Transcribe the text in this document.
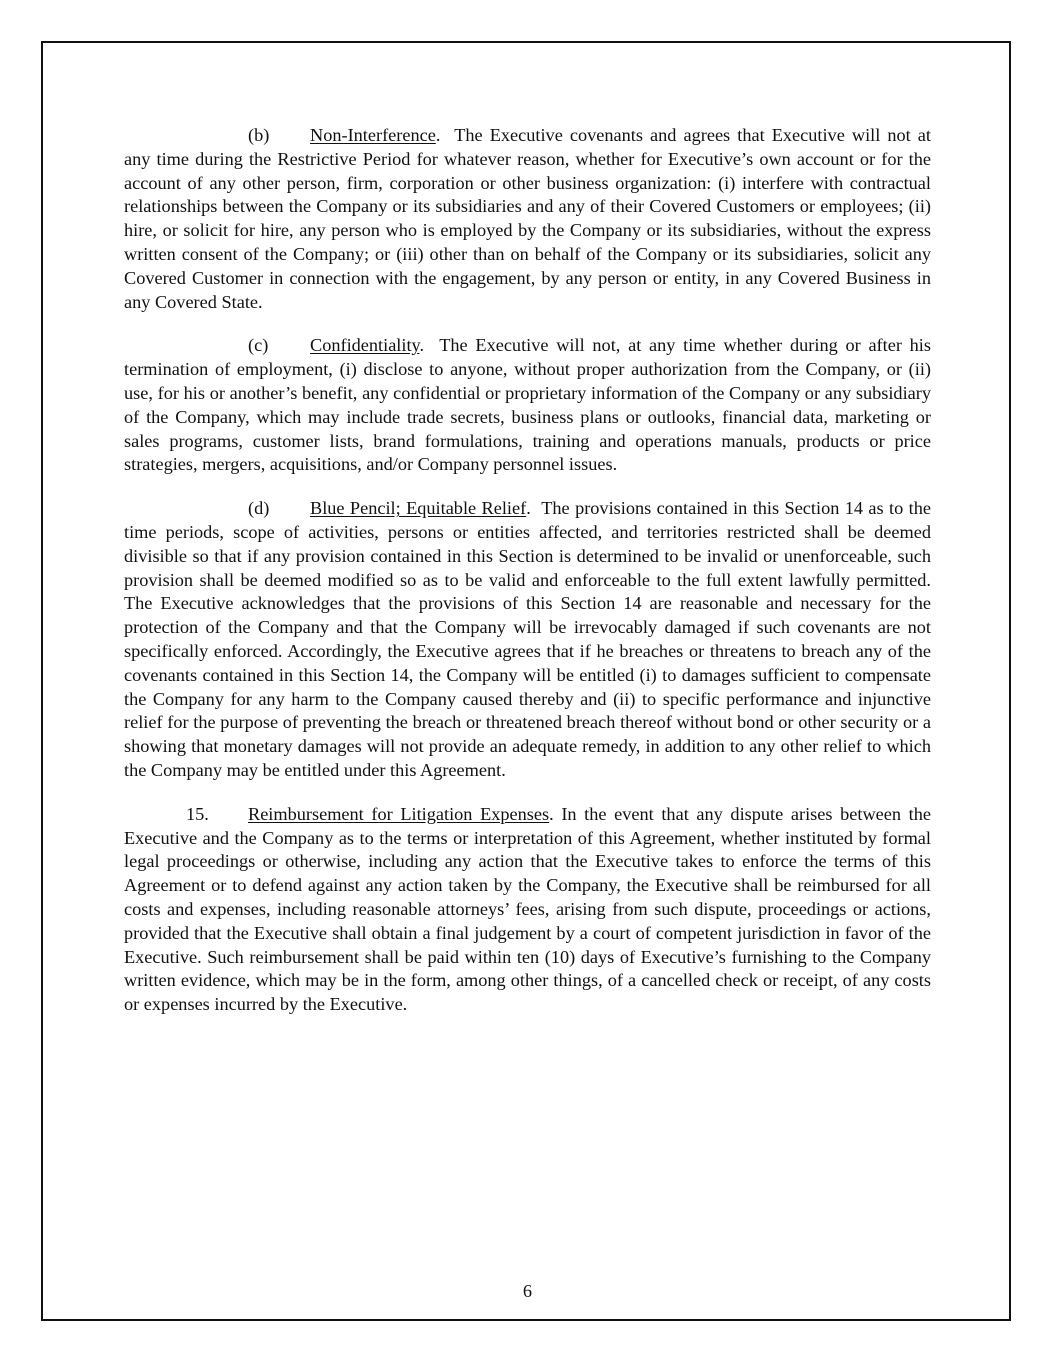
(b) Non-Interference.  The Executive covenants and agrees that Executive will not at any time during the Restrictive Period for whatever reason, whether for Executive’s own account or for the account of any other person, firm, corporation or other business organization: (i) interfere with contractual relationships between the Company or its subsidiaries and any of their Covered Customers or employees; (ii) hire, or solicit for hire, any person who is employed by the Company or its subsidiaries, without the express written consent of the Company; or (iii) other than on behalf of the Company or its subsidiaries, solicit any Covered Customer in connection with the engagement, by any person or entity, in any Covered Business in any Covered State.

(c) Confidentiality.  The Executive will not, at any time whether during or after his termination of employment, (i) disclose to anyone, without proper authorization from the Company, or (ii) use, for his or another’s benefit, any confidential or proprietary information of the Company or any subsidiary of the Company, which may include trade secrets, business plans or outlooks, financial data, marketing or sales programs, customer lists, brand formulations, training and operations manuals, products or price strategies, mergers, acquisitions, and/or Company personnel issues.

(d) Blue Pencil; Equitable Relief.  The provisions contained in this Section 14 as to the time periods, scope of activities, persons or entities affected, and territories restricted shall be deemed divisible so that if any provision contained in this Section is determined to be invalid or unenforceable, such provision shall be deemed modified so as to be valid and enforceable to the full extent lawfully permitted. The Executive acknowledges that the provisions of this Section 14 are reasonable and necessary for the protection of the Company and that the Company will be irrevocably damaged if such covenants are not specifically enforced. Accordingly, the Executive agrees that if he breaches or threatens to breach any of the covenants contained in this Section 14, the Company will be entitled (i) to damages sufficient to compensate the Company for any harm to the Company caused thereby and (ii) to specific performance and injunctive relief for the purpose of preventing the breach or threatened breach thereof without bond or other security or a showing that monetary damages will not provide an adequate remedy, in addition to any other relief to which the Company may be entitled under this Agreement.

15. Reimbursement for Litigation Expenses. In the event that any dispute arises between the Executive and the Company as to the terms or interpretation of this Agreement, whether instituted by formal legal proceedings or otherwise, including any action that the Executive takes to enforce the terms of this Agreement or to defend against any action taken by the Company, the Executive shall be reimbursed for all costs and expenses, including reasonable attorneys’ fees, arising from such dispute, proceedings or actions, provided that the Executive shall obtain a final judgement by a court of competent jurisdiction in favor of the Executive. Such reimbursement shall be paid within ten (10) days of Executive’s furnishing to the Company written evidence, which may be in the form, among other things, of a cancelled check or receipt, of any costs or expenses incurred by the Executive.

6
